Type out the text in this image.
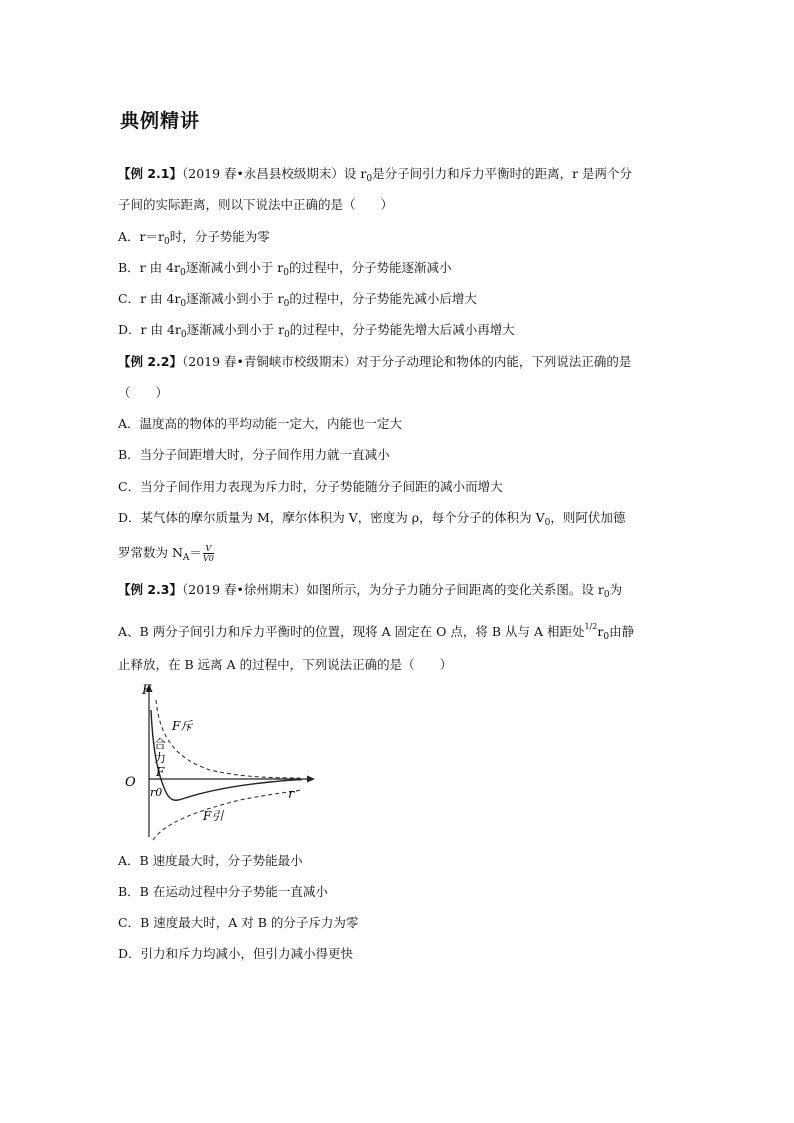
典例精讲
【例 2.1】（2019 春•永昌县校级期末）设 $r_0$是分子间引力和斥力平衡时的距离，r 是两个分
子间的实际距离，则以下说法中正确的是（　　）
A．$r=r_0$时，分子势能为零
B．r 由 $4r_0$逐渐减小到小于 $r_0$的过程中，分子势能逐渐减小
C．r 由 $4r_0$逐渐减小到小于 $r_0$的过程中，分子势能先减小后增大
D．r 由 $4r_0$逐渐减小到小于 $r_0$的过程中，分子势能先增大后减小再增大
【例 2.2】（2019 春•青铜峡市校级期末）对于分子动理论和物体的内能，下列说法正确的是
（　　）
A．温度高的物体的平均动能一定大，内能也一定大
B．当分子间距增大时，分子间作用力就一直减小
C．当分子间作用力表现为斥力时，分子势能随分子间距的减小而增大
D．某气体的摩尔质量为 M，摩尔体积为 V，密度为 ρ，每个分子的体积为 $V_0$，则阿伏加德
罗常数为 $N_A= \frac{V}{V0}$
【例 2.3】（2019 春•徐州期末）如图所示，为分子力随分子间距离的变化关系图。设 $r_0$为
A、B 两分子间引力和斥力平衡时的位置，现将 A 固定在 O 点，将 B 从与 A 相距处$1/2r_0$由静
止释放，在 B 远离 A 的过程中，下列说法正确的是（　　）
F
O
r
r0
F斥
F引
合
力
F
A．B 速度最大时，分子势能最小
B．B 在运动过程中分子势能一直减小
C．B 速度最大时，A 对 B 的分子斥力为零
D．引力和斥力均减小，但引力减小得更快
